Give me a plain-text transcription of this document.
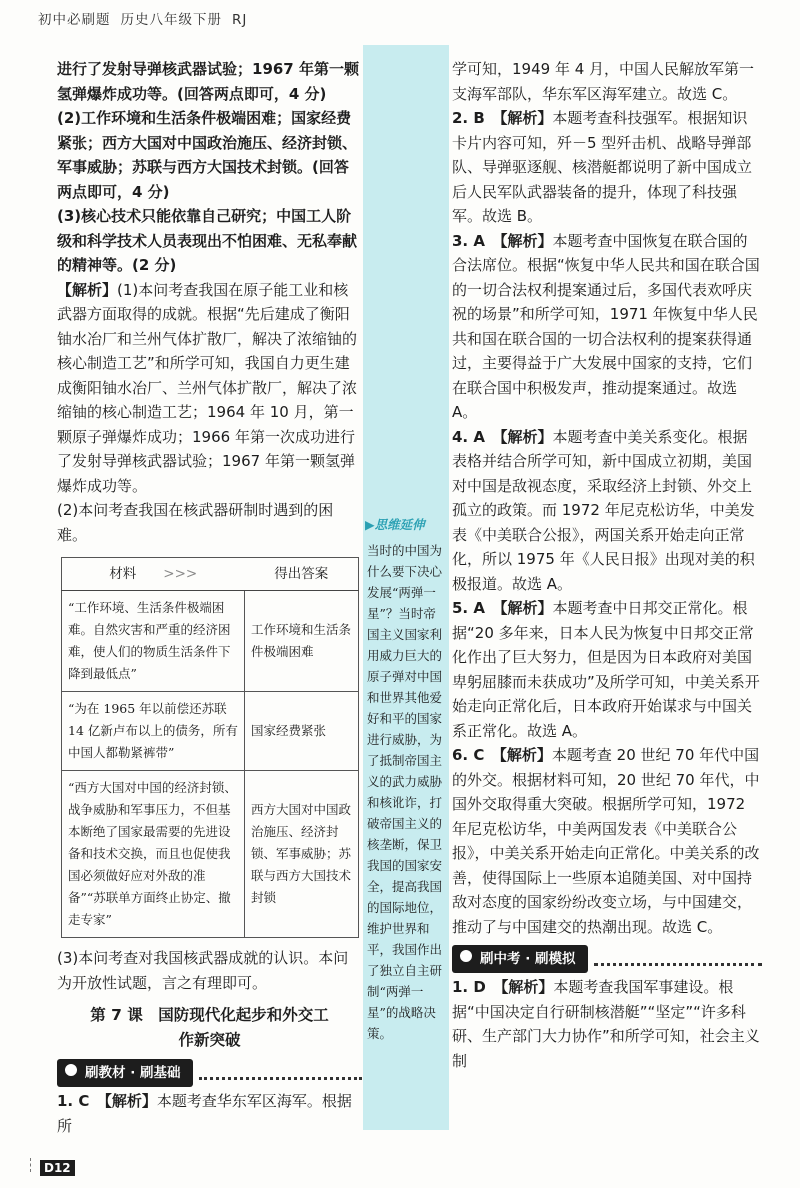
初中必刷题 历史八年级下册 RJ
▶思维延伸
当时的中国为什么要下决心发展“两弹一星”？当时帝国主义国家利用威力巨大的原子弹对中国和世界其他爱好和平的国家进行威胁，为了抵制帝国主义的武力威胁和核讹诈，打破帝国主义的核垄断，保卫我国的国家安全，提高我国的国际地位，维护世界和平，我国作出了独立自主研制“两弹一星”的战略决策。

进行了发射导弹核武器试验；1967 年第一颗氢弹爆炸成功等。(回答两点即可，4 分)

(2)工作环境和生活条件极端困难；国家经费紧张；西方大国对中国政治施压、经济封锁、军事威胁；苏联与西方大国技术封锁。(回答两点即可，4 分)

(3)核心技术只能依靠自己研究；中国工人阶级和科学技术人员表现出不怕困难、无私奉献的精神等。(2 分)

【解析】(1)本问考查我国在原子能工业和核武器方面取得的成就。根据“先后建成了衡阳铀水冶厂和兰州气体扩散厂，解决了浓缩铀的核心制造工艺”和所学可知，我国自力更生建成衡阳铀水冶厂、兰州气体扩散厂，解决了浓缩铀的核心制造工艺；1964 年 10 月，第一颗原子弹爆炸成功；1966 年第一次成功进行了发射导弹核武器试验；1967 年第一颗氢弹爆炸成功等。

(2)本问考查我国在核武器研制时遇到的困难。

材料　　 >>>	得出答案
“工作环境、生活条件极端困难。自然灾害和严重的经济困难，使人们的物质生活条件下降到最低点”	工作环境和生活条件极端困难
“为在 1965 年以前偿还苏联 14 亿新卢布以上的债务，所有中国人都勒紧裤带”	国家经费紧张
“西方大国对中国的经济封锁、战争威胁和军事压力，不但基本断绝了国家最需要的先进设备和技术交换，而且也促使我国必须做好应对外敌的准备”“苏联单方面终止协定、撤走专家”	西方大国对中国政治施压、经济封锁、军事威胁；苏联与西方大国技术封锁

(3)本问考查对我国核武器成就的认识。本问为开放性试题，言之有理即可。

第 7 课　国防现代化起步和外交工
作新突破
刷教材 · 刷基础

1. C　 【解析】本题考查华东军区海军。根据所

学可知，1949 年 4 月，中国人民解放军第一支海军部队，华东军区海军建立。故选 C。

2. B　 【解析】本题考查科技强军。根据知识卡片内容可知，歼－5 型歼击机、战略导弹部队、导弹驱逐舰、核潜艇都说明了新中国成立后人民军队武器装备的提升，体现了科技强军。故选 B。

3. A　 【解析】本题考查中国恢复在联合国的合法席位。根据“恢复中华人民共和国在联合国的一切合法权利提案通过后，多国代表欢呼庆祝的场景”和所学可知，1971 年恢复中华人民共和国在联合国的一切合法权利的提案获得通过，主要得益于广大发展中国家的支持，它们在联合国中积极发声，推动提案通过。故选 A。

4. A　 【解析】本题考查中美关系变化。根据表格并结合所学可知，新中国成立初期，美国对中国是敌视态度，采取经济上封锁、外交上孤立的政策。而 1972 年尼克松访华，中美发表《中美联合公报》，两国关系开始走向正常化，所以 1975 年《人民日报》出现对美的积极报道。故选 A。

5. A　 【解析】本题考查中日邦交正常化。根据“20 多年来，日本人民为恢复中日邦交正常化作出了巨大努力，但是因为日本政府对美国卑躬屈膝而未获成功”及所学可知，中美关系开始走向正常化后，日本政府开始谋求与中国关系正常化。故选 A。

6. C　 【解析】本题考查 20 世纪 70 年代中国的外交。根据材料可知，20 世纪 70 年代，中国外交取得重大突破。根据所学可知，1972 年尼克松访华，中美两国发表《中美联合公报》，中美关系开始走向正常化。中美关系的改善，使得国际上一些原本追随美国、对中国持敌对态度的国家纷纷改变立场，与中国建交，推动了与中国建交的热潮出现。故选 C。

刷中考 · 刷模拟

1. D　 【解析】本题考查我国军事建设。根据“中国决定自行研制核潜艇”“坚定”“许多科研、生产部门大力协作”和所学可知，社会主义制

D12
